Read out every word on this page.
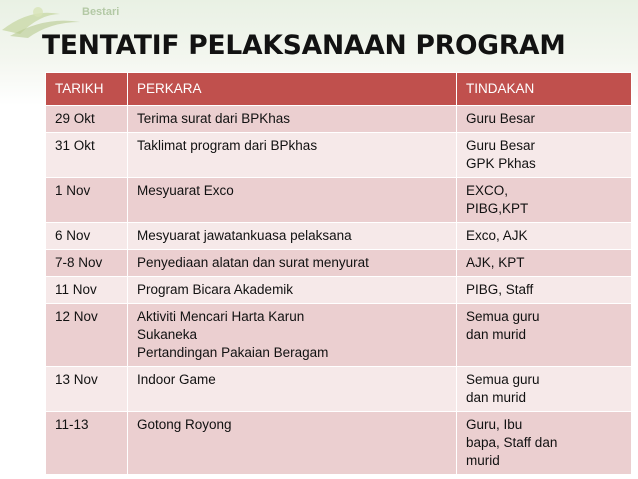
Bestari
TENTATIF PELAKSANAAN PROGRAM
TARIKH	PERKARA	TINDAKAN
29 Okt	Terima surat dari BPKhas	Guru Besar

31 Okt	Taklimat program dari BPkhas	Guru Besar
GPK Pkhas

1 Nov	Mesyuarat Exco	EXCO,
PIBG,KPT

6 Nov	Mesyuarat jawatankuasa pelaksana	Exco, AJK

7-8 Nov	Penyediaan alatan dan surat menyurat	AJK, KPT

11 Nov	Program Bicara Akademik	PIBG, Staff

12 Nov	Aktiviti Mencari Harta Karun
Sukaneka
Pertandingan Pakaian Beragam	Semua guru
dan murid

13 Nov	Indoor Game	Semua guru
dan murid

11-13	Gotong Royong	Guru, Ibu
bapa, Staff dan
murid
